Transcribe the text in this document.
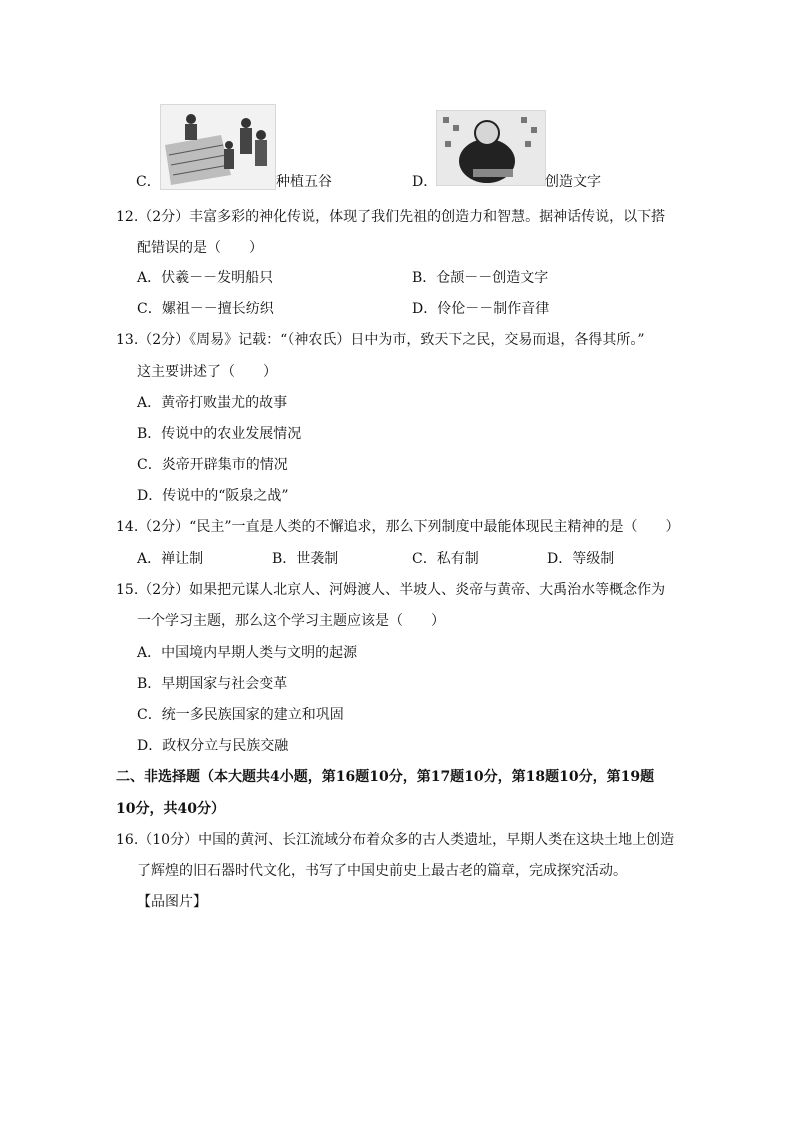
C．	种植五谷	D．	创造文字
12.（2分）丰富多彩的神化传说，体现了我们先祖的创造力和智慧。据神话传说，以下搭
配错误的是（　　）
A．伏羲－－发明船只	B．仓颉－－创造文字
C．嫘祖－－擅长纺织	D．伶伦－－制作音律
13.（2分）《周易》记载：“（神农氏）日中为市，致天下之民，交易而退，各得其所。”
这主要讲述了（　　）
A．黄帝打败蚩尤的故事
B．传说中的农业发展情况
C．炎帝开辟集市的情况
D．传说中的“阪泉之战”
14.（2分）“民主”一直是人类的不懈追求，那么下列制度中最能体现民主精神的是（　　）
A．禅让制	B．世袭制	C．私有制	D．等级制
15.（2分）如果把元谋人北京人、河姆渡人、半坡人、炎帝与黄帝、大禹治水等概念作为
一个学习主题，那么这个学习主题应该是（　　）
A．中国境内早期人类与文明的起源
B．早期国家与社会变革
C．统一多民族国家的建立和巩固
D．政权分立与民族交融
二、非选择题（本大题共4小题，第16题10分，第17题10分，第18题10分，第19题
10分，共40分）
16.（10分）中国的黄河、长江流域分布着众多的古人类遗址，早期人类在这块土地上创造
了辉煌的旧石器时代文化，书写了中国史前史上最古老的篇章，完成探究活动。
【品图片】
